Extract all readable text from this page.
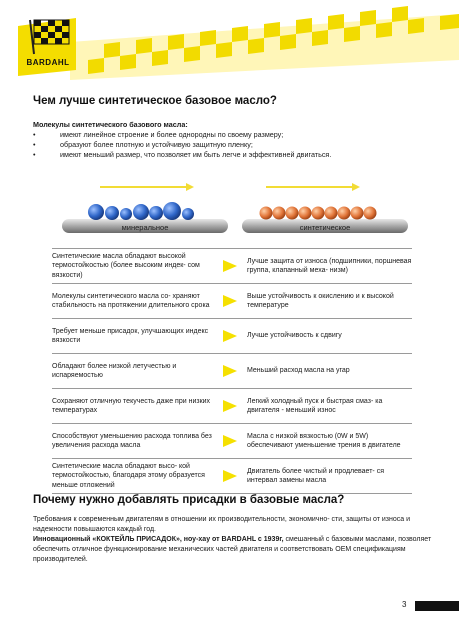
BARDAHL
Чем лучше синтетическое базовое масло?
Молекулы синтетического базового масла:
• имеют линейное строение и более однородны по своему размеру;
• образуют более плотную и устойчивую защитную пленку;
• имеют меньший размер, что позволяет им быть легче и эффективней двигаться.
минеральное	синтетическое
Синтетические масла обладают высокой термостойкостью (более высоким индек- сом вязкости)
Лучше защита от износа (подшипники, поршневая группа, клапанный меха- низм)
Молекулы синтетического масла со- храняют стабильность на протяжении длительного срока
Выше устойчивость к окислению и к высокой температуре
Требует меньше присадок, улучшающих индекс вязкости
Лучше устойчивость к сдвигу
Обладают более низкой летучестью и испаряемостью
Меньший расход масла на угар
Сохраняют отличную текучесть даже при низких температурах
Легкий холодный пуск и быстрая смаз- ка двигателя - меньший износ
Способствуют уменьшению расхода топлива без увеличения расхода масла
Масла с низкой вязкостью (0W и 5W) обеспечивают уменьшение трения в двигателе
Синтетические масла обладают высо- кой термостойкостью, благодаря этому образуется меньше отложений
Двигатель более чистый и продлевает- ся интервал замены масла
Почему нужно добавлять присадки в базовые масла?
Требования к современным двигателям в отношении их производительности, экономично- сти, защиты от износа и надежности повышаются каждый год.
Инновационный «КОКТЕЙЛЬ ПРИСАДОК», ноу-хау от BARDAHL с 1939г, смешанный с базовыми маслами, позволяет обеспечить отличное функционирование механических частей двигателя и соответствовать OEM спецификациям производителей.
3
